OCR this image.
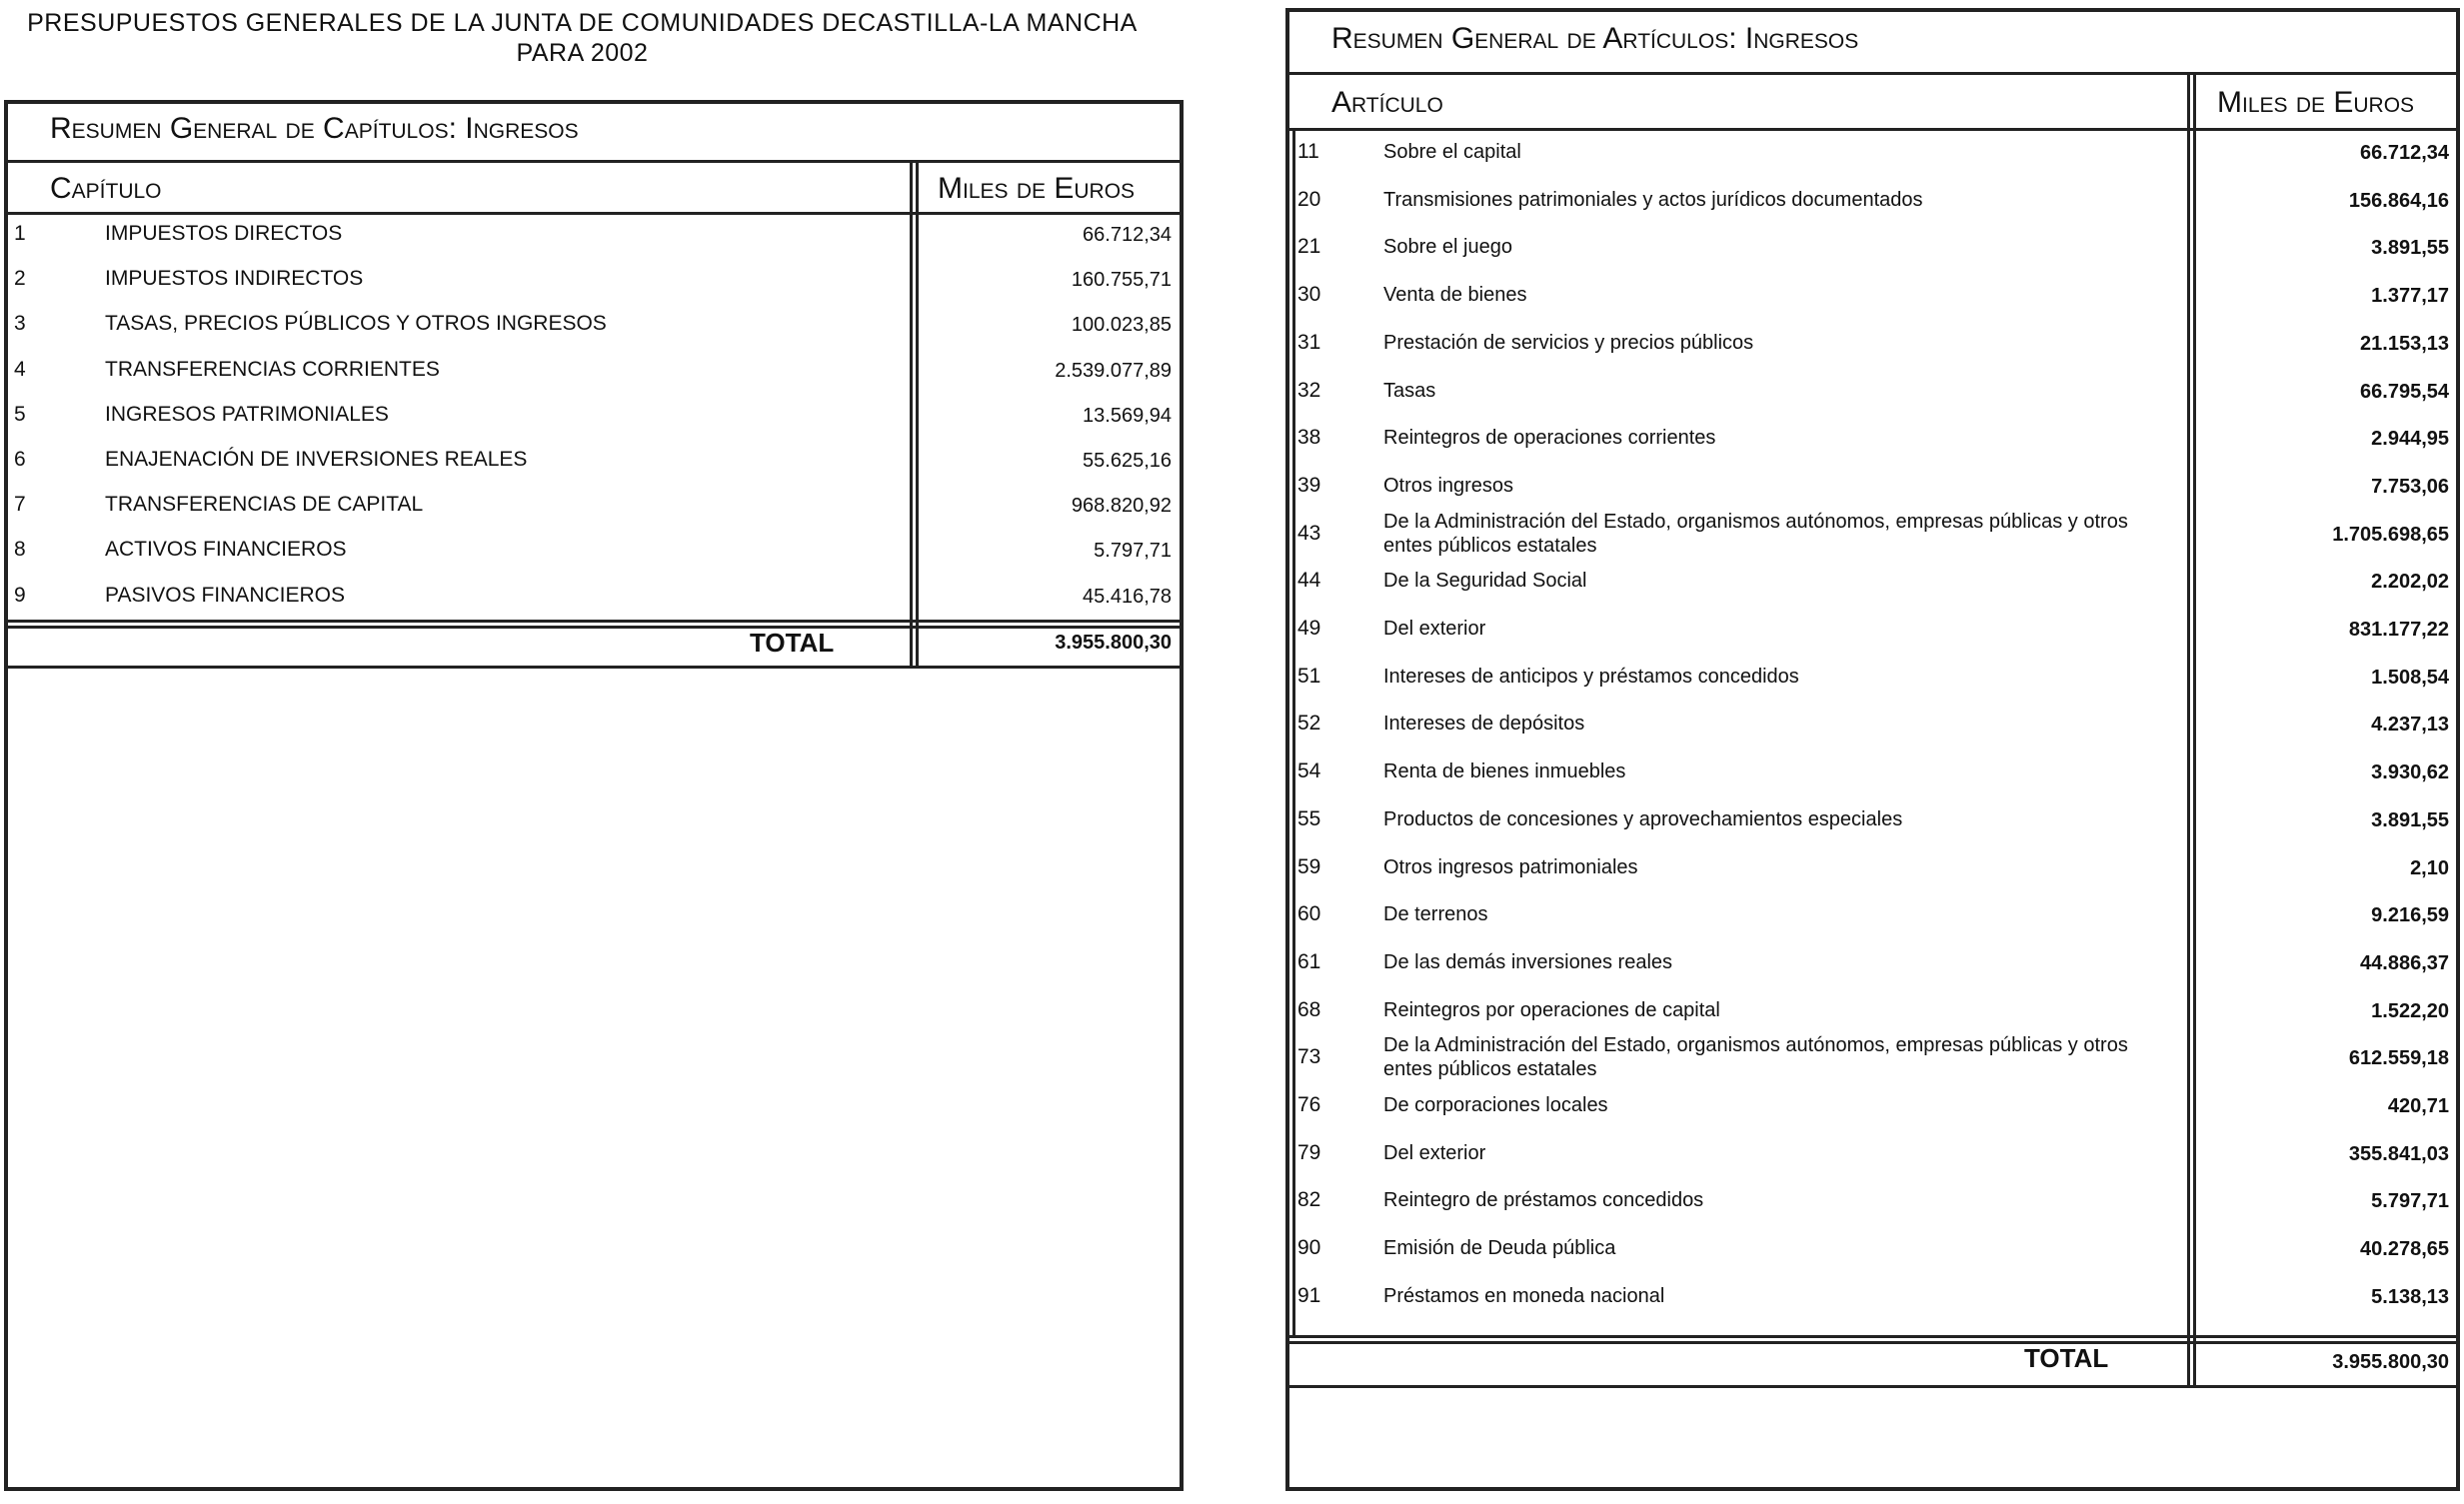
PRESUPUESTOS GENERALES DE LA JUNTA DE COMUNIDADES DECASTILLA-LA MANCHA
PARA 2002
Resumen General de Capítulos: Ingresos
Capítulo	Miles de Euros
1	IMPUESTOS DIRECTOS	66.712,34
2	IMPUESTOS INDIRECTOS	160.755,71
3	TASAS, PRECIOS PÚBLICOS Y OTROS INGRESOS	100.023,85
4	TRANSFERENCIAS CORRIENTES	2.539.077,89
5	INGRESOS PATRIMONIALES	13.569,94
6	ENAJENACIÓN DE INVERSIONES REALES	55.625,16
7	TRANSFERENCIAS DE CAPITAL	968.820,92
8	ACTIVOS FINANCIEROS	5.797,71
9	PASIVOS FINANCIEROS	45.416,78
TOTAL	3.955.800,30
Resumen General de Artículos: Ingresos
Artículo	Miles de Euros
11	Sobre el capital	66.712,34
20	Transmisiones patrimoniales y actos jurídicos documentados	156.864,16
21	Sobre el juego	3.891,55
30	Venta de bienes	1.377,17
31	Prestación de servicios y precios públicos	21.153,13
32	Tasas	66.795,54
38	Reintegros de operaciones corrientes	2.944,95
39	Otros ingresos	7.753,06
43	De la Administración del Estado, organismos autónomos, empresas públicas y otros
entes públicos estatales	1.705.698,65
44	De la Seguridad Social	2.202,02
49	Del exterior	831.177,22
51	Intereses de anticipos y préstamos concedidos	1.508,54
52	Intereses de depósitos	4.237,13
54	Renta de bienes inmuebles	3.930,62
55	Productos de concesiones y aprovechamientos especiales	3.891,55
59	Otros ingresos patrimoniales	2,10
60	De terrenos	9.216,59
61	De las demás inversiones reales	44.886,37
68	Reintegros por operaciones de capital	1.522,20
73	De la Administración del Estado, organismos autónomos, empresas públicas y otros
entes públicos estatales	612.559,18
76	De corporaciones locales	420,71
79	Del exterior	355.841,03
82	Reintegro de préstamos concedidos	5.797,71
90	Emisión de Deuda pública	40.278,65
91	Préstamos en moneda nacional	5.138,13
TOTAL	3.955.800,30
